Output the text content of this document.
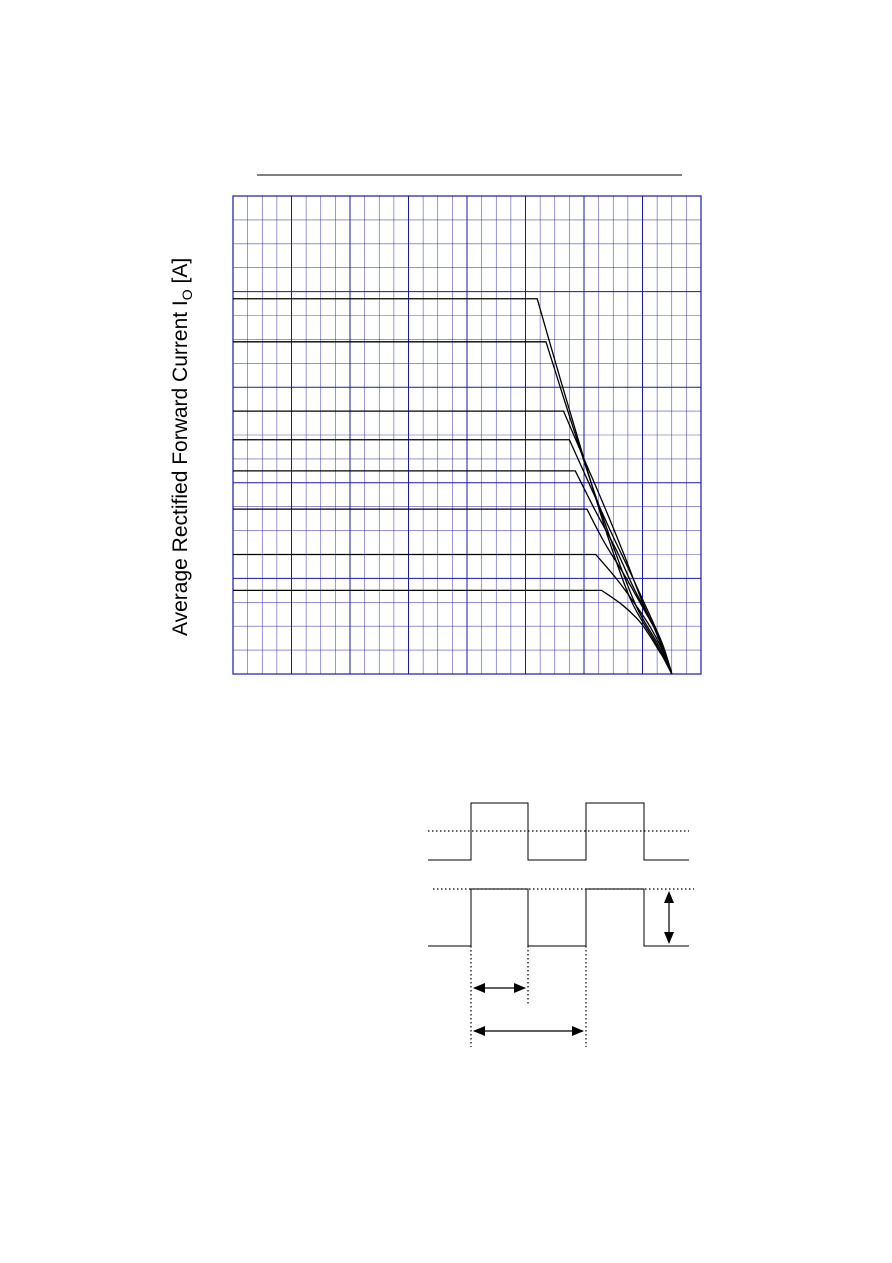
Average Rectified Forward Current $I_O$ [A]
